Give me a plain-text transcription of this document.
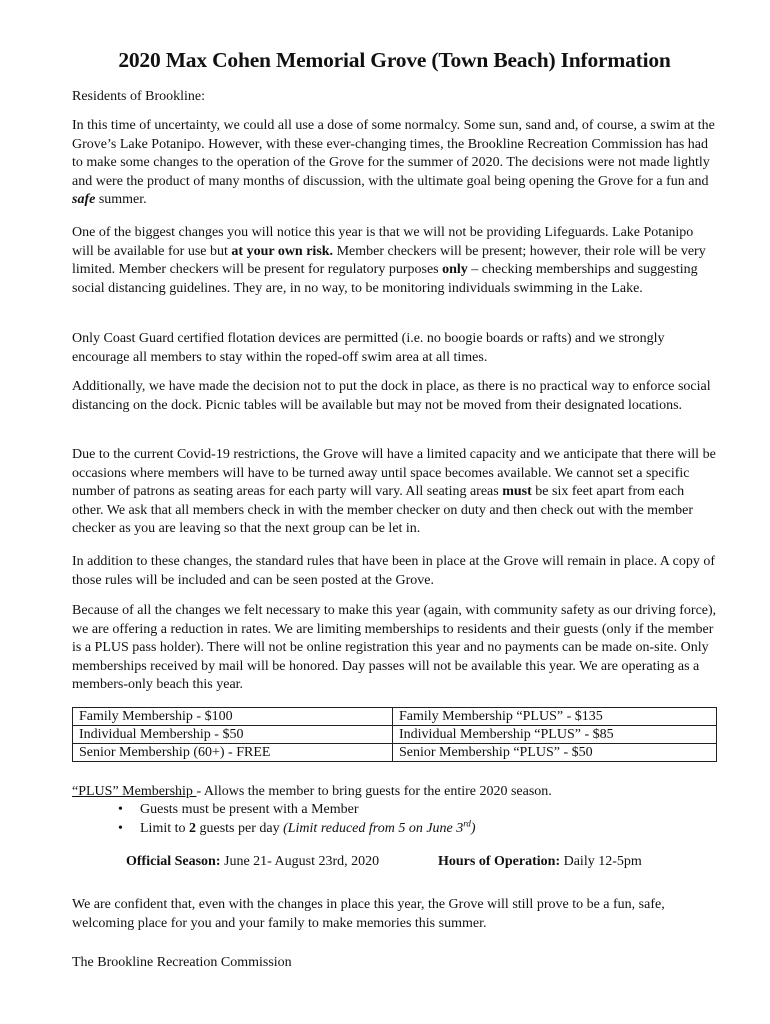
2020 Max Cohen Memorial Grove (Town Beach) Information

Residents of Brookline:

In this time of uncertainty, we could all use a dose of some normalcy. Some sun, sand and, of course, a swim at the Grove’s Lake Potanipo. However, with these ever-changing times, the Brookline Recreation Commission has had to make some changes to the operation of the Grove for the summer of 2020. The decisions were not made lightly and were the product of many months of discussion, with the ultimate goal being opening the Grove for a fun and safe summer.

One of the biggest changes you will notice this year is that we will not be providing Lifeguards. Lake Potanipo will be available for use but at your own risk. Member checkers will be present; however, their role will be very limited. Member checkers will be present for regulatory purposes only – checking memberships and suggesting social distancing guidelines. They are, in no way, to be monitoring individuals swimming in the Lake.

Only Coast Guard certified flotation devices are permitted (i.e. no boogie boards or rafts) and we strongly encourage all members to stay within the roped-off swim area at all times.

Additionally, we have made the decision not to put the dock in place, as there is no practical way to enforce social distancing on the dock. Picnic tables will be available but may not be moved from their designated locations.

Due to the current Covid-19 restrictions, the Grove will have a limited capacity and we anticipate that there will be occasions where members will have to be turned away until space becomes available. We cannot set a specific number of patrons as seating areas for each party will vary. All seating areas must be six feet apart from each other. We ask that all members check in with the member checker on duty and then check out with the member checker as you are leaving so that the next group can be let in.

In addition to these changes, the standard rules that have been in place at the Grove will remain in place. A copy of those rules will be included and can be seen posted at the Grove.

Because of all the changes we felt necessary to make this year (again, with community safety as our driving force), we are offering a reduction in rates. We are limiting memberships to residents and their guests (only if the member is a PLUS pass holder). There will not be online registration this year and no payments can be made on-site. Only memberships received by mail will be honored. Day passes will not be available this year. We are operating as a members-only beach this year.

Family Membership - $100	Family Membership “PLUS” - $135
Individual Membership - $50	Individual Membership “PLUS” - $85
Senior Membership (60+) - FREE	Senior Membership “PLUS” - $50
“PLUS” Membership - Allows the member to bring guests for the entire 2020 season.
• Guests must be present with a Member
• Limit to 2 guests per day (Limit reduced from 5 on June 3rd)
Official Season: June 21- August 23rd, 2020	Hours of Operation: Daily 12-5pm

We are confident that, even with the changes in place this year, the Grove will still prove to be a fun, safe, welcoming place for you and your family to make memories this summer.

The Brookline Recreation Commission
